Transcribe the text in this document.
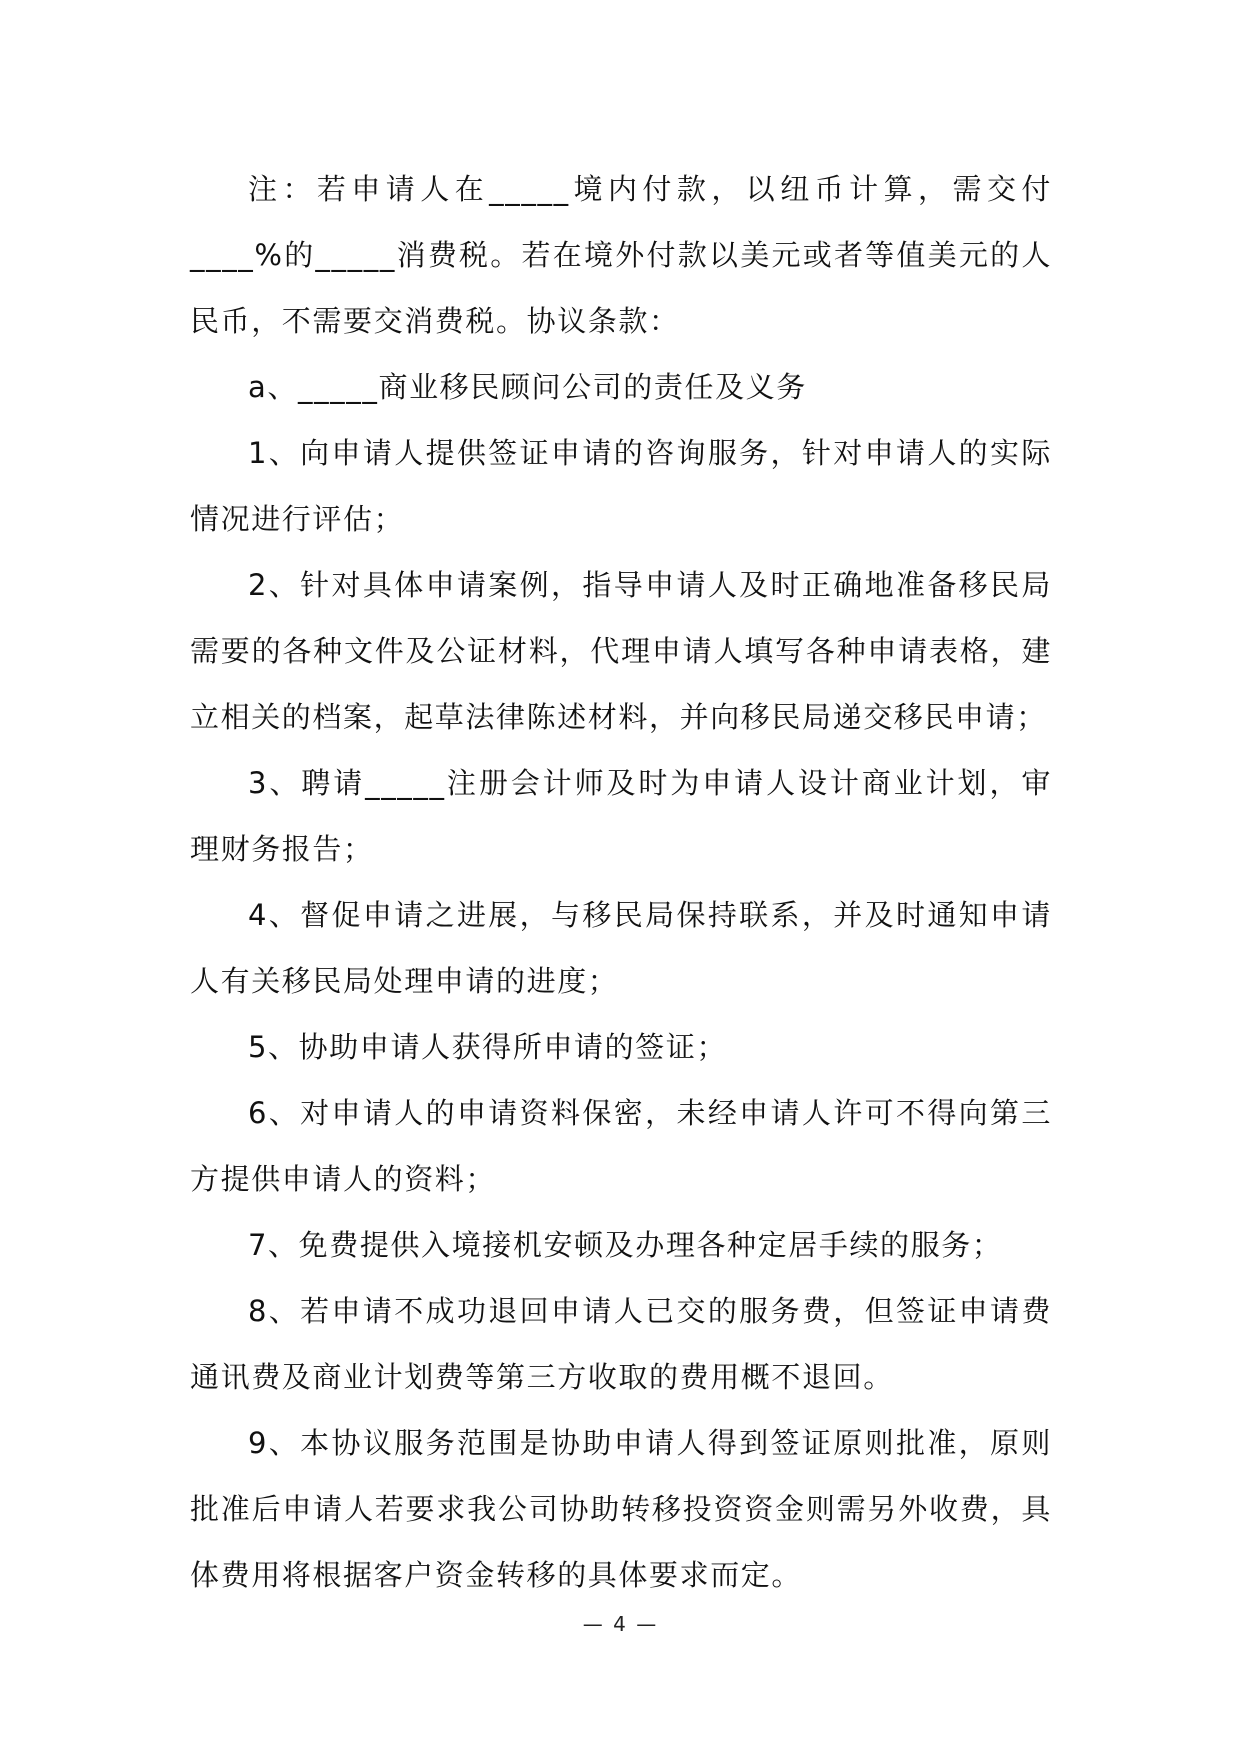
注：若申请人在_____境内付款，以纽币计算，需交付____%的_____消费税。若在境外付款以美元或者等值美元的人民币，不需要交消费税。协议条款：

a、_____商业移民顾问公司的责任及义务

1、向申请人提供签证申请的咨询服务，针对申请人的实际情况进行评估；

2、针对具体申请案例，指导申请人及时正确地准备移民局需要的各种文件及公证材料，代理申请人填写各种申请表格，建立相关的档案，起草法律陈述材料，并向移民局递交移民申请；

3、聘请_____注册会计师及时为申请人设计商业计划，审理财务报告；

4、督促申请之进展，与移民局保持联系，并及时通知申请人有关移民局处理申请的进度；

5、协助申请人获得所申请的签证；

6、对申请人的申请资料保密，未经申请人许可不得向第三方提供申请人的资料；

7、免费提供入境接机安顿及办理各种定居手续的服务；

8、若申请不成功退回申请人已交的服务费，但签证申请费通讯费及商业计划费等第三方收取的费用概不退回。

9、本协议服务范围是协助申请人得到签证原则批准，原则批准后申请人若要求我公司协助转移投资资金则需另外收费，具体费用将根据客户资金转移的具体要求而定。

— 4 —
